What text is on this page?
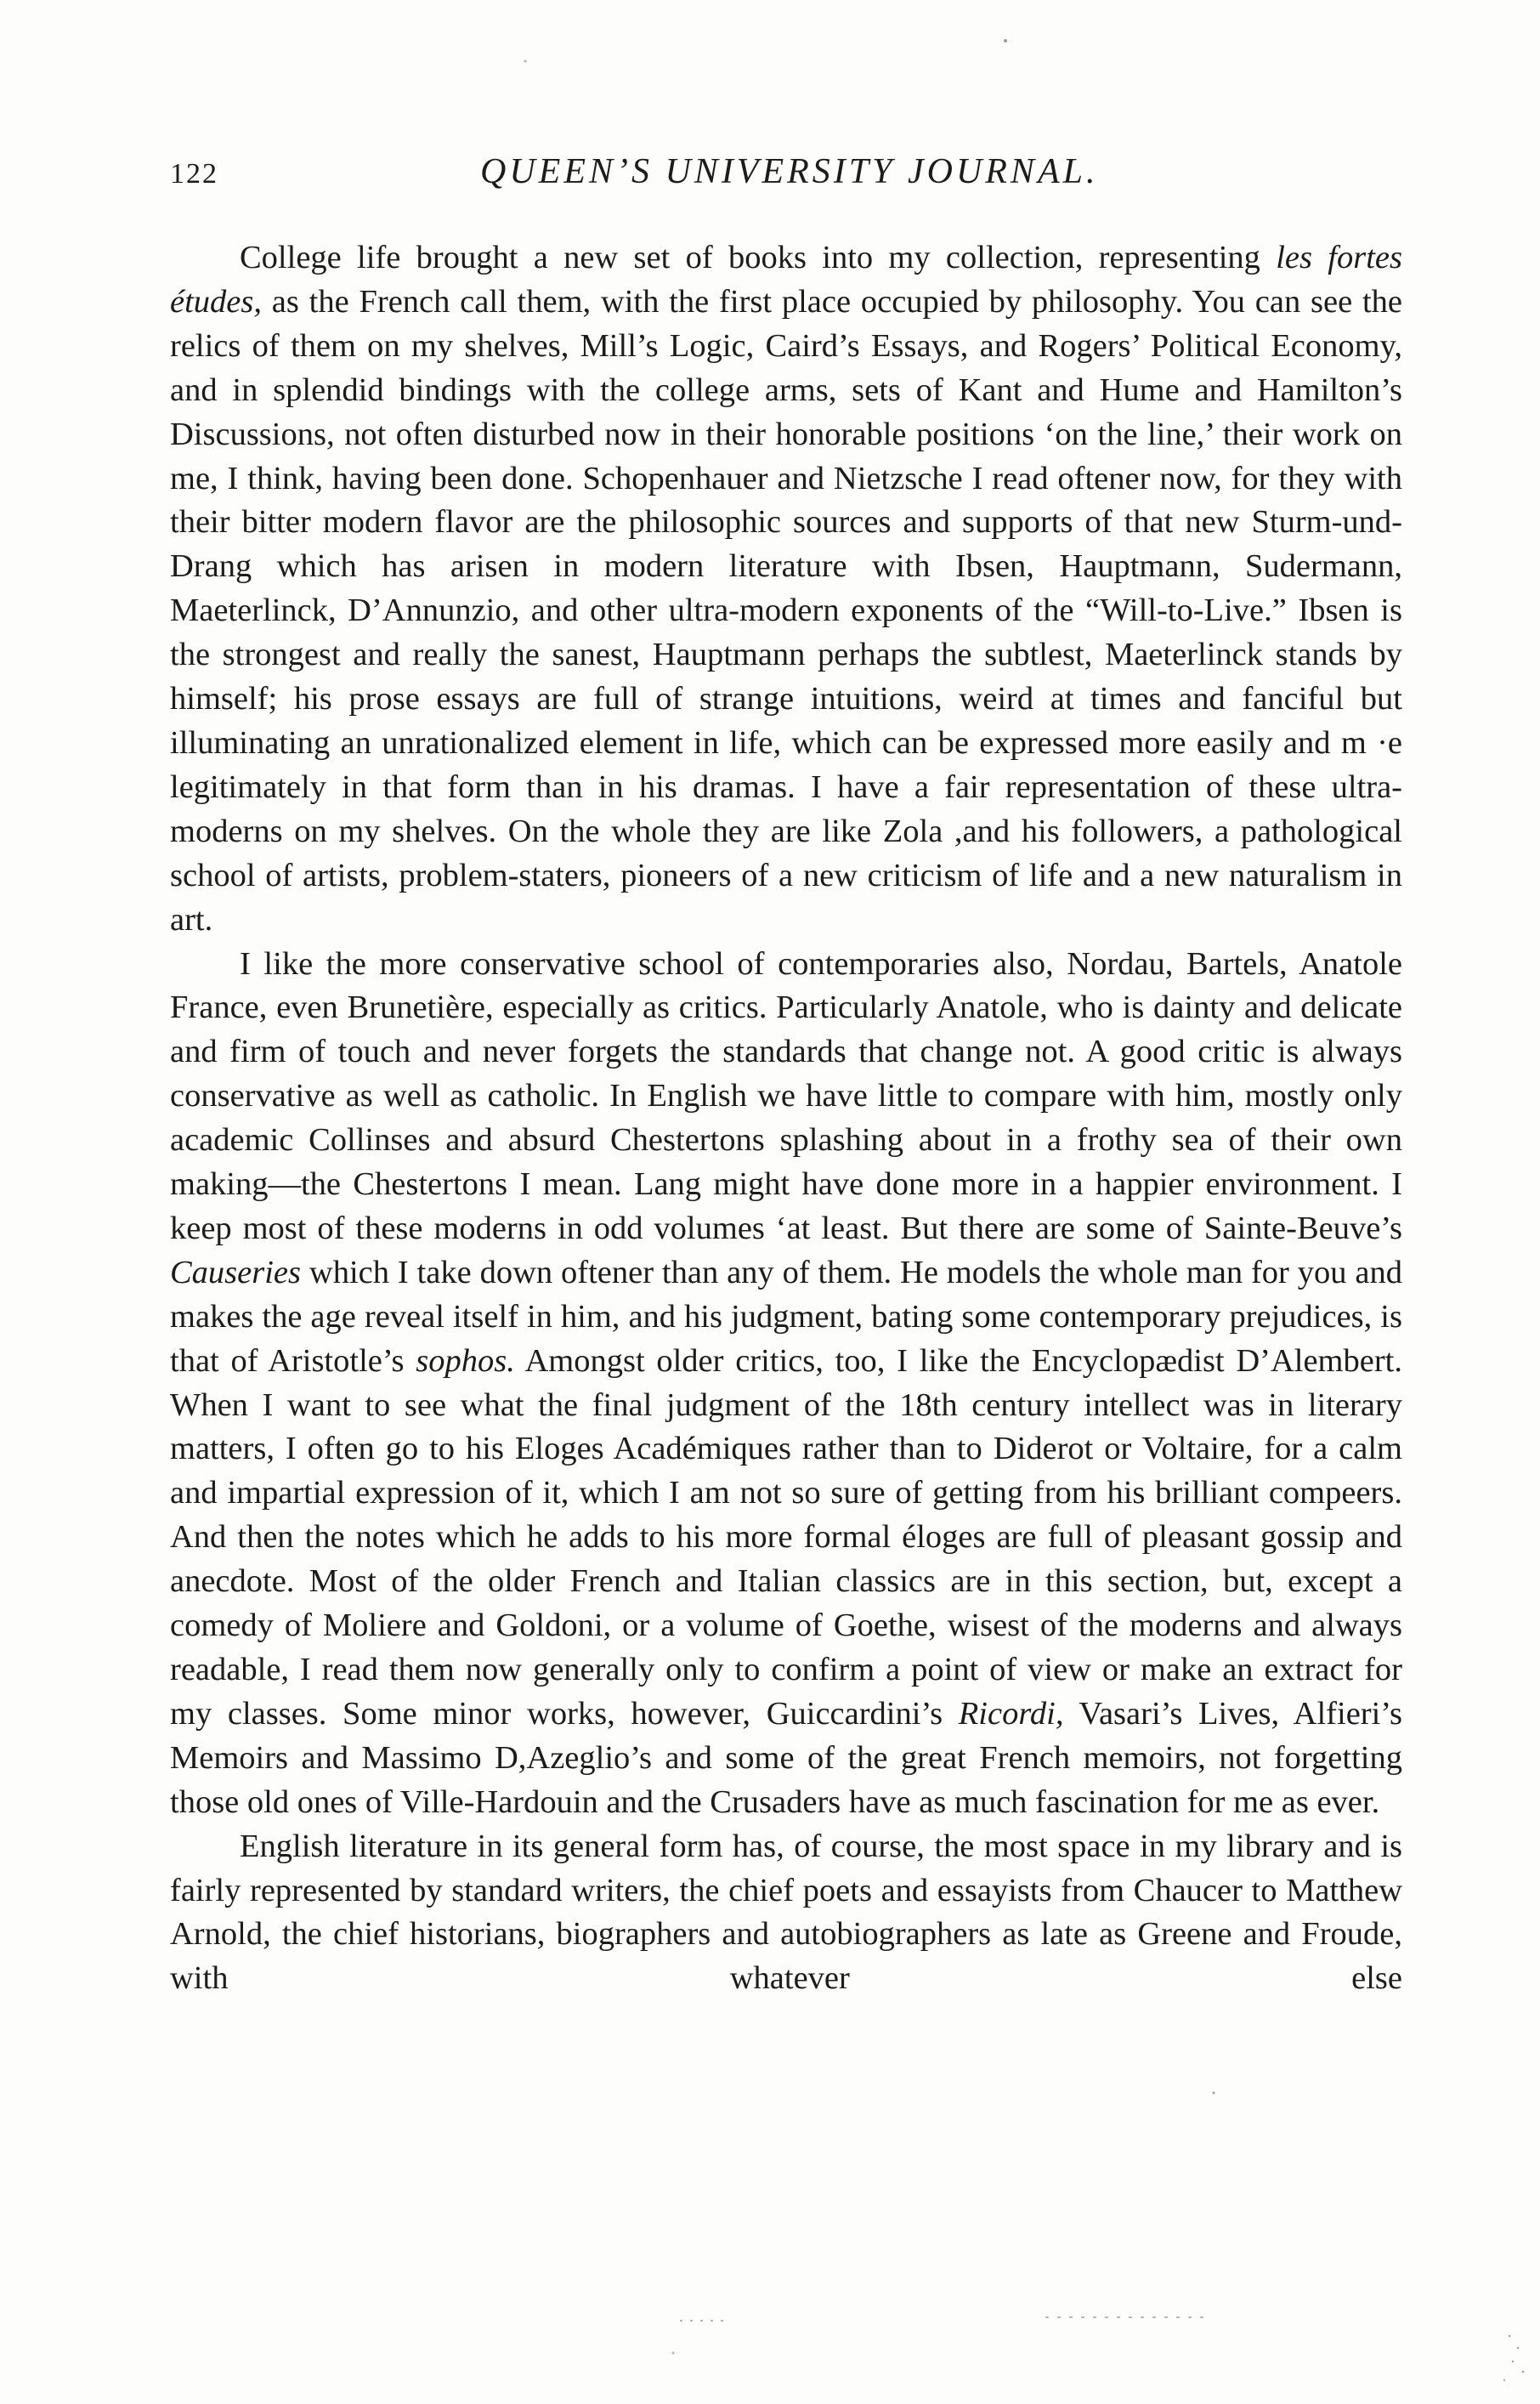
122	QUEEN’S UNIVERSITY JOURNAL.

College life brought a new set of books into my collection, representing les fortes études, as the French call them, with the first place occupied by philosophy. You can see the relics of them on my shelves, Mill’s Logic, Caird’s Essays, and Rogers’ Political Economy, and in splendid bindings with the college arms, sets of Kant and Hume and Hamilton’s Discussions, not often disturbed now in their honorable positions ‘on the line,’ their work on me, I think, having been done. Schopenhauer and Nietzsche I read oftener now, for they with their bitter modern flavor are the philosophic sources and supports of that new Sturm-und-Drang which has arisen in modern literature with Ibsen, Hauptmann, Sudermann, Maeterlinck, D’Annunzio, and other ultra-modern exponents of the “Will-to-Live.” Ibsen is the strongest and really the sanest, Hauptmann perhaps the subtlest, Maeterlinck stands by himself; his prose essays are full of strange intuitions, weird at times and fanciful but illuminating an unrationalized element in life, which can be expressed more easily and m ·e legitimately in that form than in his dramas. I have a fair representation of these ultra-moderns on my shelves. On the whole they are like Zola ,and his followers, a pathological school of artists, problem-staters, pioneers of a new criticism of life and a new naturalism in art.

I like the more conservative school of contemporaries also, Nordau, Bartels, Anatole France, even Brunetière, especially as critics. Particularly Anatole, who is dainty and delicate and firm of touch and never forgets the standards that change not. A good critic is always conservative as well as catholic. In English we have little to compare with him, mostly only academic Collinses and absurd Chestertons splashing about in a frothy sea of their own making—the Chestertons I mean. Lang might have done more in a happier environment. I keep most of these moderns in odd volumes ‘at least. But there are some of Sainte-Beuve’s Causeries which I take down oftener than any of them. He models the whole man for you and makes the age reveal itself in him, and his judgment, bating some contemporary prejudices, is that of Aristotle’s sophos. Amongst older critics, too, I like the Encyclopædist D’Alembert. When I want to see what the final judgment of the 18th century intellect was in literary matters, I often go to his Eloges Académiques rather than to Diderot or Voltaire, for a calm and impartial expression of it, which I am not so sure of getting from his brilliant compeers. And then the notes which he adds to his more formal éloges are full of pleasant gossip and anecdote. Most of the older French and Italian classics are in this section, but, except a comedy of Moliere and Goldoni, or a volume of Goethe, wisest of the moderns and always readable, I read them now generally only to confirm a point of view or make an extract for my classes. Some minor works, however, Guiccardini’s Ricordi, Vasari’s Lives, Alfieri’s Memoirs and Massimo D,Azeglio’s and some of the great French memoirs, not forgetting those old ones of Ville-Hardouin and the Crusaders have as much fascination for me as ever.

English literature in its general form has, of course, the most space in my library and is fairly represented by standard writers, the chief poets and essayists from Chaucer to Matthew Arnold, the chief historians, biographers and autobiographers as late as Greene and Froude, with whatever else
